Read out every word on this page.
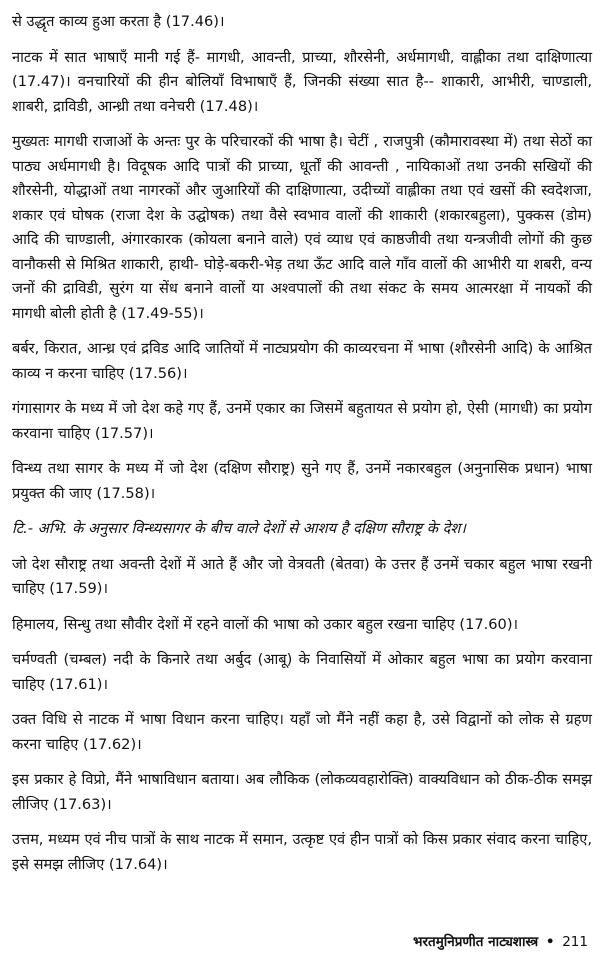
से उद्धृत काव्य हुआ करता है (17.46)।

नाटक में सात भाषाएँ मानी गई हैं- मागधी, आवन्ती, प्राच्या, शौरसेनी, अर्धमागधी, वाह्लीका तथा दाक्षिणात्या (17.47)। वनचारियों की हीन बोलियाँ विभाषाएँ हैं, जिनकी संख्या सात है-- शाकारी, आभीरी, चाण्डाली, शाबरी, द्राविडी, आन्ध्री तथा वनेचरी (17.48)।

मुख्यतः मागधी राजाओं के अन्तः पुर के परिचारकों की भाषा है। चेटीं , राजपुत्री (कौमारावस्था में) तथा सेठों का पाठ्य अर्धमागधी है। विदूषक आदि पात्रों की प्राच्या, धूर्तों की आवन्ती , नायिकाओं तथा उनकी सखियों की शौरसेनी, योद्धाओं तथा नागरकों और जुआरियों की दाक्षिणात्या, उदीच्यों वाह्लीका तथा एवं खसों की स्वदेशजा, शकार एवं घोषक (राजा देश के उद्घोषक) तथा वैसे स्वभाव वालों की शाकारी (शकारबहुला), पुक्कस (डोम) आदि की चाण्डाली, अंगारकारक (कोयला बनाने वाले) एवं व्याध एवं काष्ठजीवी तथा यन्त्रजीवी लोगों की कुछ वानौकसी से मिश्रित शाकारी, हाथी- घोड़े-बकरी-भेड़ तथा ऊँट आदि वाले गाँव वालों की आभीरी या शबरी, वन्य जनों की द्राविडी, सुरंग या सेंध बनाने वालों या अश्वपालों की तथा संकट के समय आत्मरक्षा में नायकों की मागधी बोली होती है (17.49-55)।

बर्बर, किरात, आन्ध्र एवं द्रविड आदि जातियों में नाट्यप्रयोग की काव्यरचना में भाषा (शौरसेनी आदि) के आश्रित काव्य न करना चाहिए (17.56)।

गंगासागर के मध्य में जो देश कहे गए हैं, उनमें एकार का जिसमें बहुतायत से प्रयोग हो, ऐसी (मागधी) का प्रयोग करवाना चाहिए (17.57)।

विन्ध्य तथा सागर के मध्य में जो देश (दक्षिण सौराष्ट्र) सुने गए हैं, उनमें नकारबहुल (अनुनासिक प्रधान) भाषा प्रयुक्त की जाए (17.58)।

टि.- अभि. के अनुसार विन्ध्यसागर के बीच वाले देशों से आशय है दक्षिण सौराष्ट्र के देश।

जो देश सौराष्ट्र तथा अवन्ती देशों में आते हैं और जो वेत्रवती (बेतवा) के उत्तर हैं उनमें चकार बहुल भाषा रखनी चाहिए (17.59)।

हिमालय, सिन्धु तथा सौवीर देशों में रहने वालों की भाषा को उकार बहुल रखना चाहिए (17.60)।

चर्मण्वती (चम्बल) नदी के किनारे तथा अर्बुद (आबू) के निवासियों में ओकार बहुल भाषा का प्रयोग करवाना चाहिए (17.61)।

उक्त विधि से नाटक में भाषा विधान करना चाहिए। यहाँ जो मैंने नहीं कहा है, उसे विद्वानों को लोक से ग्रहण करना चाहिए (17.62)।

इस प्रकार हे विप्रो, मैंने भाषाविधान बताया। अब लौकिक (लोकव्यवहारोक्ति) वाक्यविधान को ठीक-ठीक समझ लीजिए (17.63)।

उत्तम, मध्यम एवं नीच पात्रों के साथ नाटक में समान, उत्कृष्ट एवं हीन पात्रों को किस प्रकार संवाद करना चाहिए, इसे समझ लीजिए (17.64)।

भरतमुनिप्रणीत नाट्यशास्त्र • 211
